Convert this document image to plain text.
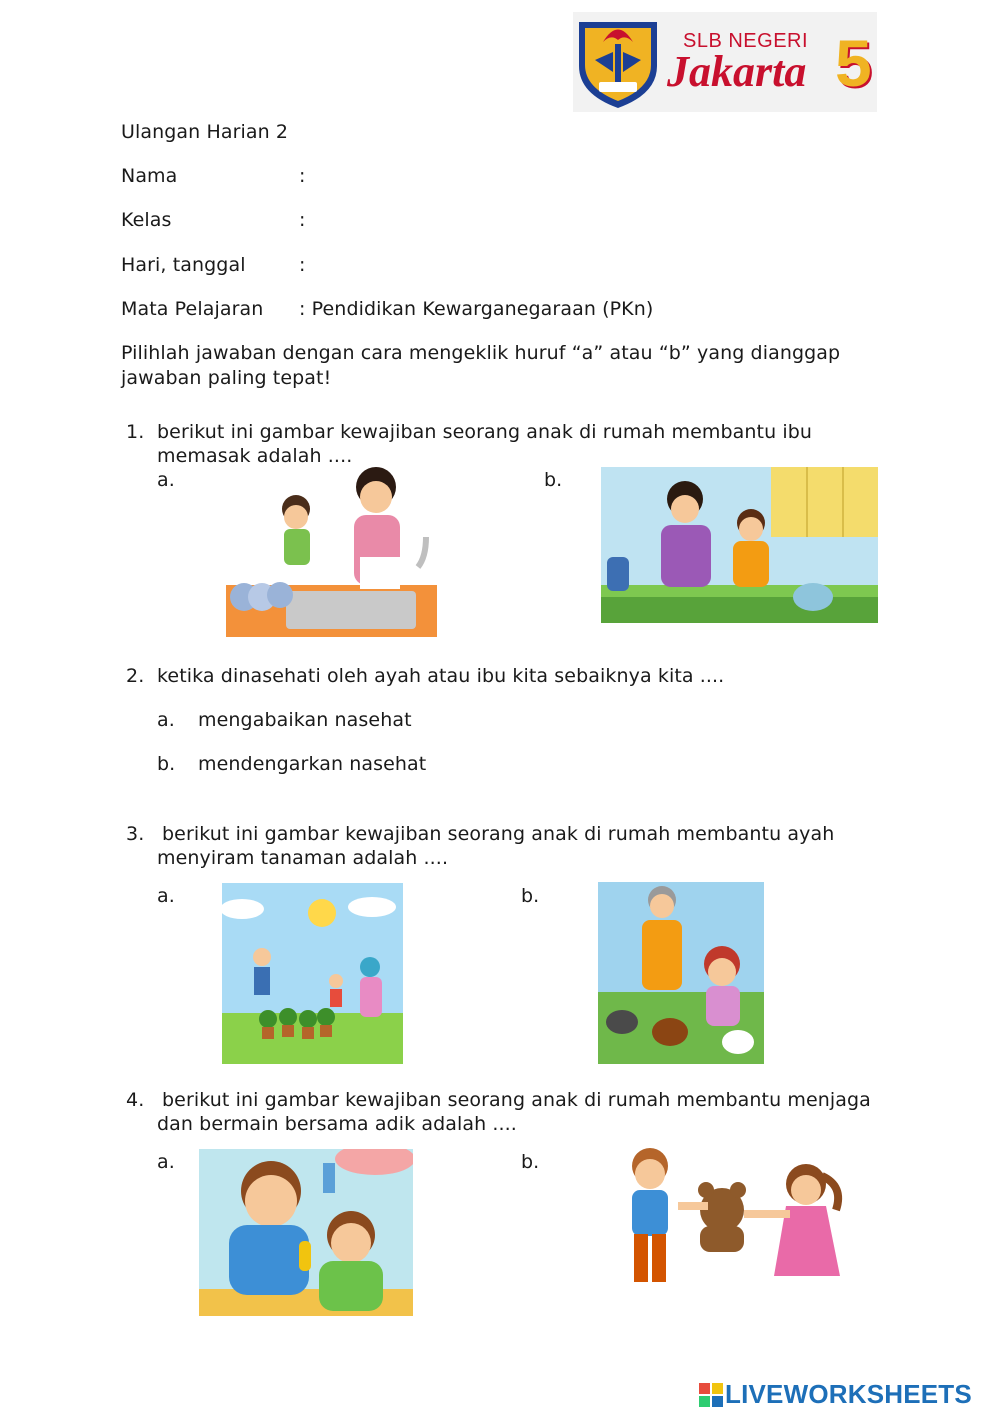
SLB NEGERI
Jakarta 5
Ulangan Harian 2
Nama	:
Kelas	:
Hari, tanggal	:
Mata Pelajaran : Pendidikan Kewarganegaraan (PKn)
Pilihlah jawaban dengan cara mengeklik huruf “a” atau “b” yang dianggap
jawaban paling tepat!
1. berikut ini gambar kewajiban seorang anak di rumah membantu ibu
memasak adalah ....
a.	b.
2. ketika dinasehati oleh ayah atau ibu kita sebaiknya kita ....
a. mengabaikan nasehat
b. mendengarkan nasehat
3. berikut ini gambar kewajiban seorang anak di rumah membantu ayah
menyiram tanaman adalah ....
a.	b.
4. berikut ini gambar kewajiban seorang anak di rumah membantu menjaga
dan bermain bersama adik adalah ....
a.	b.
LIVEWORKSHEETS
